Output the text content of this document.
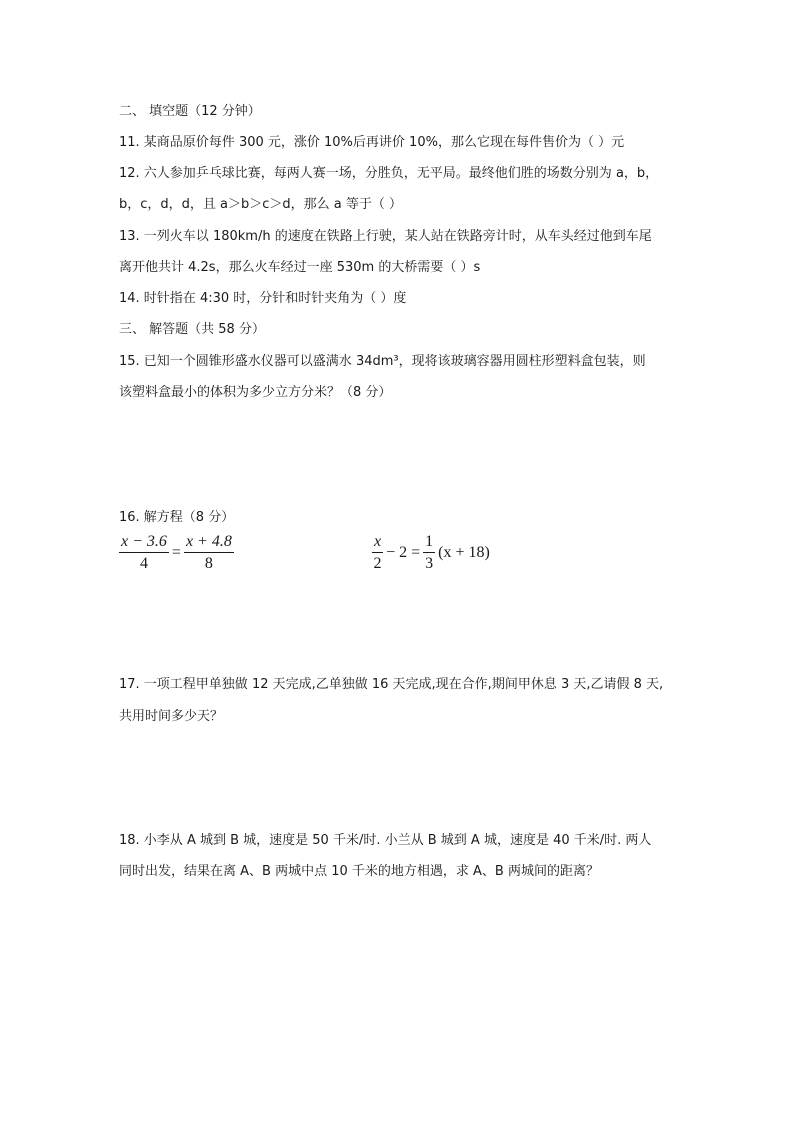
二、 填空题（12 分钟）
11. 某商品原价每件 300 元，涨价 10%后再讲价 10%，那么它现在每件售价为（ ）元
12. 六人参加乒乓球比赛，每两人赛一场，分胜负，无平局。最终他们胜的场数分别为 a，b，
b，c，d，d，且 a＞b＞c＞d，那么 a 等于（ ）
13. 一列火车以 180km/h 的速度在铁路上行驶，某人站在铁路旁计时，从车头经过他到车尾
离开他共计 4.2s，那么火车经过一座 530m 的大桥需要（ ）s
14. 时针指在 4:30 时，分针和时针夹角为（ ）度
三、 解答题（共 58 分）
15. 已知一个圆锥形盛水仪器可以盛满水 34dm³，现将该玻璃容器用圆柱形塑料盒包装，则
该塑料盒最小的体积为多少立方分米？（8 分）
16. 解方程（8 分）
$\frac{x - 3.6}{4} = \frac{x + 4.8}{8}$	$\frac{x}{2} - 2 = \frac{1}{3} (x + 18)$
17. 一项工程甲单独做 12 天完成,乙单独做 16 天完成,现在合作,期间甲休息 3 天,乙请假 8 天,
共用时间多少天？
18. 小李从 A 城到 B 城，速度是 50 千米/时. 小兰从 B 城到 A 城，速度是 40 千米/时. 两人
同时出发，结果在离 A、B 两城中点 10 千米的地方相遇，求 A、B 两城间的距离？
